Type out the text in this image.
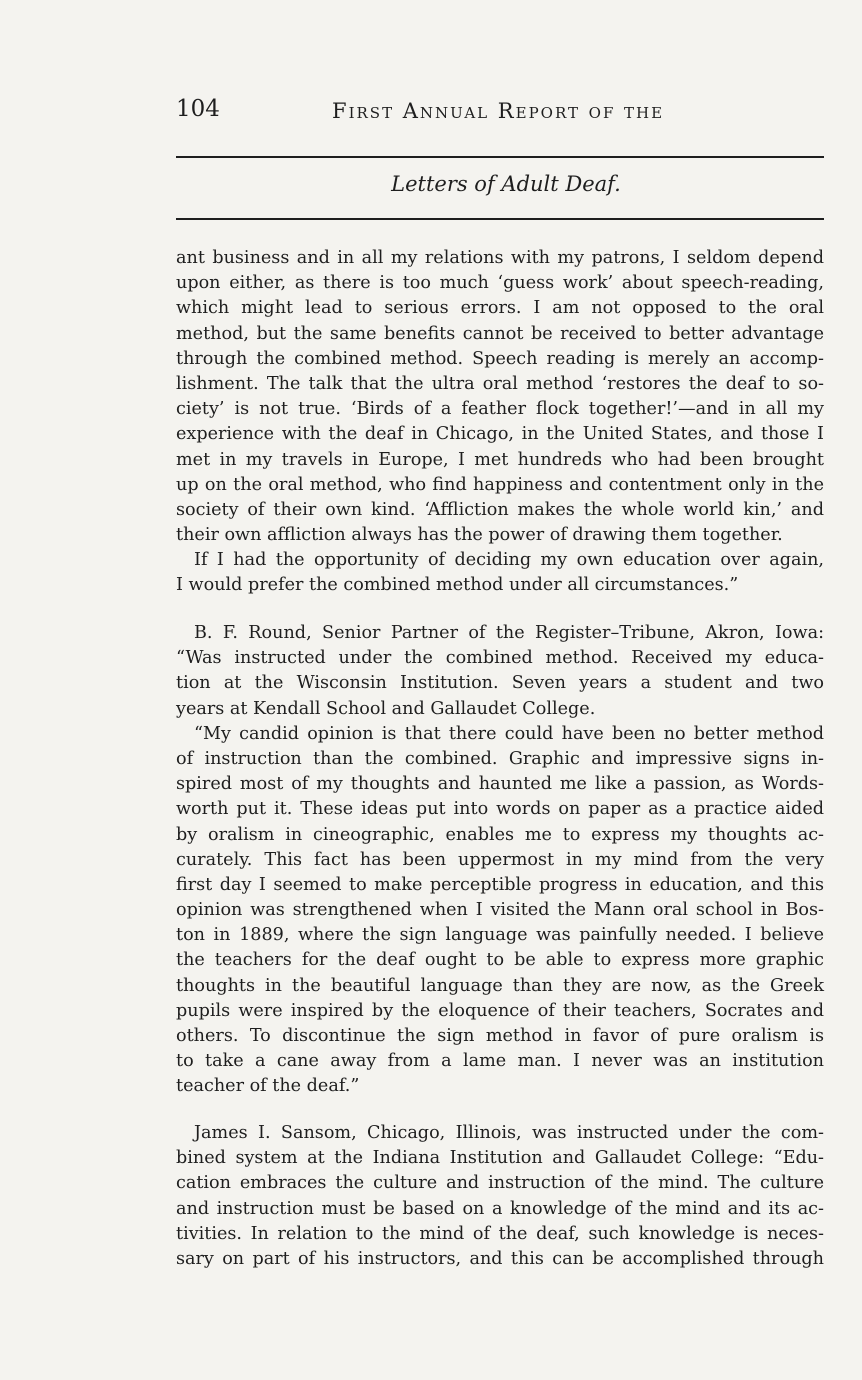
104	First Annual Report of the
Letters of Adult Deaf.
ant business and in all my relations with my patrons, I seldom depend
upon either, as there is too much ‘guess work’ about speech-reading,
which might lead to serious errors. I am not opposed to the oral
method, but the same benefits cannot be received to better advantage
through the combined method. Speech reading is merely an accomp-
lishment. The talk that the ultra oral method ‘restores the deaf to so-
ciety’ is not true. ‘Birds of a feather flock together!’—and in all my
experience with the deaf in Chicago, in the United States, and those I
met in my travels in Europe, I met hundreds who had been brought
up on the oral method, who find happiness and contentment only in the
society of their own kind. ‘Affliction makes the whole world kin,’ and
their own affliction always has the power of drawing them together.
If I had the opportunity of deciding my own education over again,
I would prefer the combined method under all circumstances.”
B. F. Round, Senior Partner of the Register–Tribune, Akron, Iowa:
“Was instructed under the combined method. Received my educa-
tion at the Wisconsin Institution. Seven years a student and two
years at Kendall School and Gallaudet College.
“My candid opinion is that there could have been no better method
of instruction than the combined. Graphic and impressive signs in-
spired most of my thoughts and haunted me like a passion, as Words-
worth put it. These ideas put into words on paper as a practice aided
by oralism in cineographic, enables me to express my thoughts ac-
curately. This fact has been uppermost in my mind from the very
first day I seemed to make perceptible progress in education, and this
opinion was strengthened when I visited the Mann oral school in Bos-
ton in 1889, where the sign language was painfully needed. I believe
the teachers for the deaf ought to be able to express more graphic
thoughts in the beautiful language than they are now, as the Greek
pupils were inspired by the eloquence of their teachers, Socrates and
others. To discontinue the sign method in favor of pure oralism is
to take a cane away from a lame man. I never was an institution
teacher of the deaf.”
James I. Sansom, Chicago, Illinois, was instructed under the com-
bined system at the Indiana Institution and Gallaudet College: “Edu-
cation embraces the culture and instruction of the mind. The culture
and instruction must be based on a knowledge of the mind and its ac-
tivities. In relation to the mind of the deaf, such knowledge is neces-
sary on part of his instructors, and this can be accomplished through
